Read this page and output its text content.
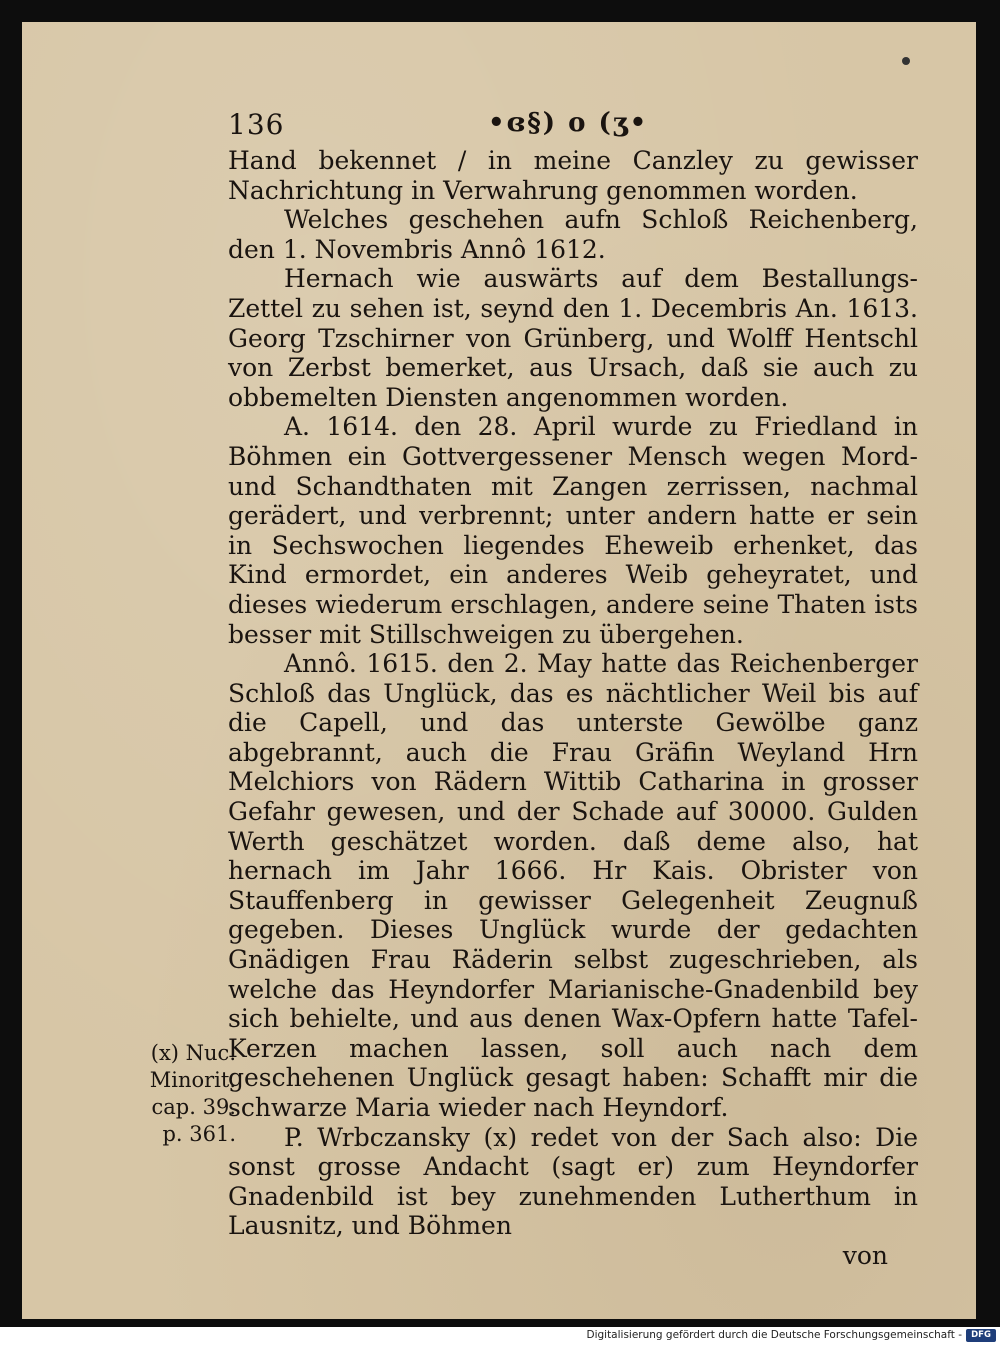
136	•ɞ§) o (ʒ•

Hand bekennet / in meine Canzley zu gewisser Nachrichtung in Verwahrung genommen worden.

Welches geschehen aufn Schloß Reichenberg, den 1. Novembris Annô 1612.

Hernach wie auswärts auf dem Bestallungs-Zettel zu sehen ist, seynd den 1. Decembris An. 1613. Georg Tzschirner von Grünberg, und Wolff Hentschl von Zerbst bemerket, aus Ursach, daß sie auch zu obbemelten Diensten angenommen worden.

A. 1614. den 28. April wurde zu Friedland in Böhmen ein Gottvergessener Mensch wegen Mord- und Schandthaten mit Zangen zerrissen, nachmal gerädert, und verbrennt; unter andern hatte er sein in Sechswochen liegendes Eheweib erhenket, das Kind ermordet, ein anderes Weib geheyratet, und dieses wiederum erschlagen, andere seine Thaten ists besser mit Stillschweigen zu übergehen.

Annô. 1615. den 2. May hatte das Reichenberger Schloß das Unglück, das es nächtlicher Weil bis auf die Capell, und das unterste Gewölbe ganz abgebrannt, auch die Frau Gräfin Weyland Hrn Melchiors von Rädern Wittib Catharina in grosser Gefahr gewesen, und der Schade auf 30000. Gulden Werth geschätzet worden. daß deme also, hat hernach im Jahr 1666. Hr Kais. Obrister von Stauffenberg in gewisser Gelegenheit Zeugnuß gegeben. Dieses Unglück wurde der gedachten Gnädigen Frau Räderin selbst zugeschrieben, als welche das Heyndorfer Marianische-Gnadenbild bey sich behielte, und aus denen Wax-Opfern hatte Tafel-Kerzen machen lassen, soll auch nach dem geschehenen Unglück gesagt haben: Schafft mir die schwarze Maria wieder nach Heyndorf.

P. Wrbczansky (x) redet von der Sach also: Die sonst grosse Andacht (sagt er) zum Heyndorfer Gnadenbild ist bey zunehmenden Lutherthum in Lausnitz, und Böhmen

von

(x) Nuc.
Minorit.
cap. 39.
p. 361.
Digitalisierung gefördert durch die Deutsche Forschungsgemeinschaft -	DFG
